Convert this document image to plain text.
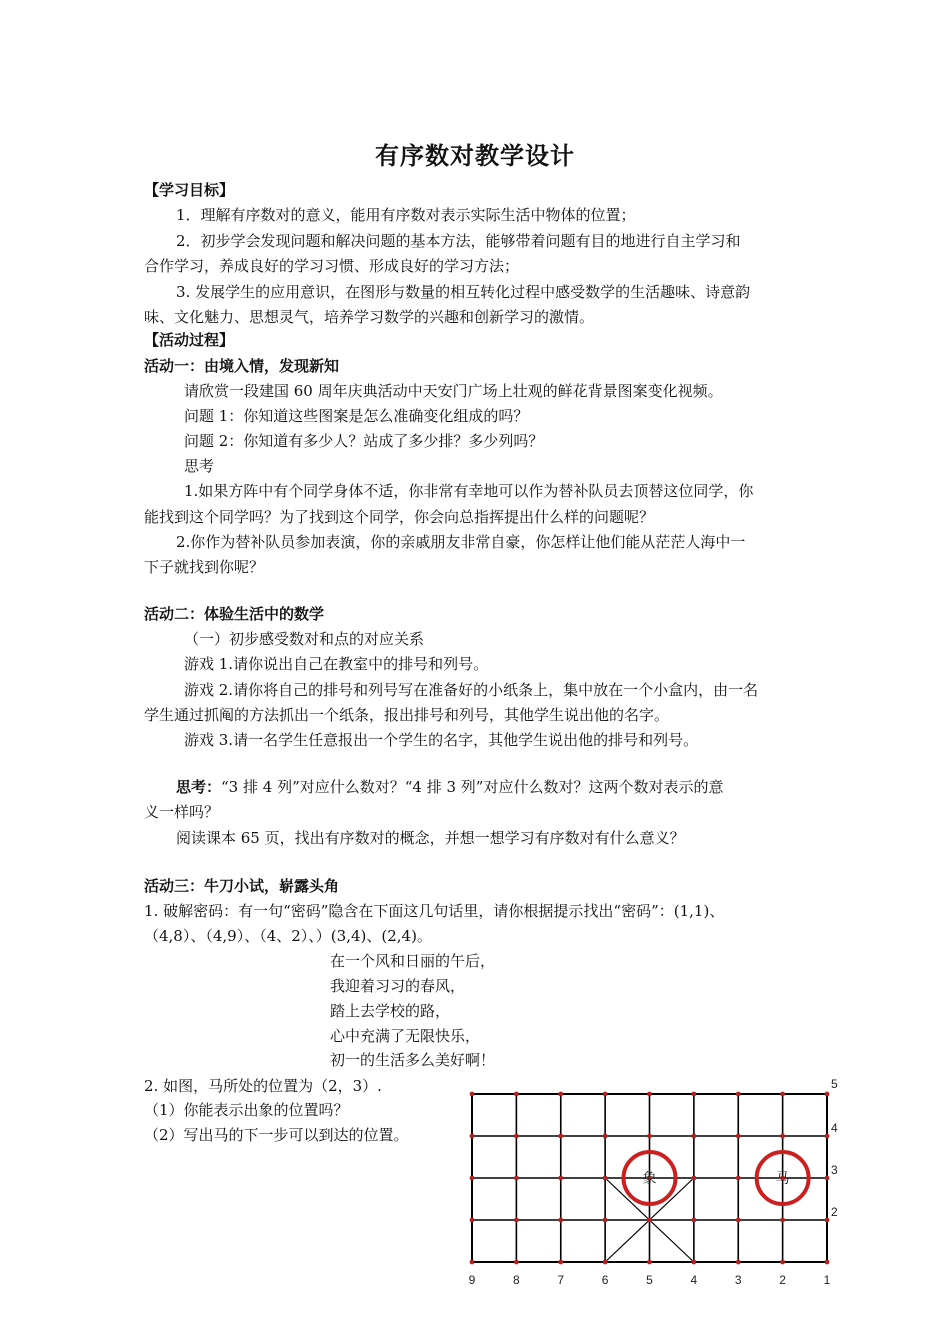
有序数对教学设计
【学习目标】
1．理解有序数对的意义，能用有序数对表示实际生活中物体的位置；
2．初步学会发现问题和解决问题的基本方法，能够带着问题有目的地进行自主学习和
合作学习，养成良好的学习习惯、形成良好的学习方法；
3. 发展学生的应用意识，在图形与数量的相互转化过程中感受数学的生活趣味、诗意韵
味、文化魅力、思想灵气，培养学习数学的兴趣和创新学习的激情。
【活动过程】
活动一：由境入情，发现新知
请欣赏一段建国 60 周年庆典活动中天安门广场上壮观的鲜花背景图案变化视频。
问题 1：你知道这些图案是怎么准确变化组成的吗？
问题 2：你知道有多少人？站成了多少排？多少列吗？
思考
1.如果方阵中有个同学身体不适，你非常有幸地可以作为替补队员去顶替这位同学，你
能找到这个同学吗？为了找到这个同学，你会向总指挥提出什么样的问题呢？
2.你作为替补队员参加表演，你的亲戚朋友非常自豪，你怎样让他们能从茫茫人海中一
下子就找到你呢？
活动二：体验生活中的数学
（一）初步感受数对和点的对应关系
游戏 1.请你说出自己在教室中的排号和列号。
游戏 2.请你将自己的排号和列号写在准备好的小纸条上，集中放在一个小盒内，由一名
学生通过抓阄的方法抓出一个纸条，报出排号和列号，其他学生说出他的名字。
游戏 3.请一名学生任意报出一个学生的名字，其他学生说出他的排号和列号。
思考：“3 排 4 列”对应什么数对？“4 排 3 列”对应什么数对？这两个数对表示的意
义一样吗？
阅读课本 65 页，找出有序数对的概念，并想一想学习有序数对有什么意义？
活动三：牛刀小试，崭露头角
1. 破解密码：有一句“密码”隐含在下面这几句话里，请你根据提示找出“密码”：(1,1)、
（4,8）、（4,9）、（4、2）、）(3,4)、(2,4)。
在一个风和日丽的午后，
我迎着习习的春风，
踏上去学校的路，
心中充满了无限快乐，
初一的生活多么美好啊！
2. 如图，马所处的位置为（2，3）.
（1）你能表示出象的位置吗？
（2）写出马的下一步可以到达的位置。
9	8	7	6	5	4	3	2	1
2
3
4
5
象	马
